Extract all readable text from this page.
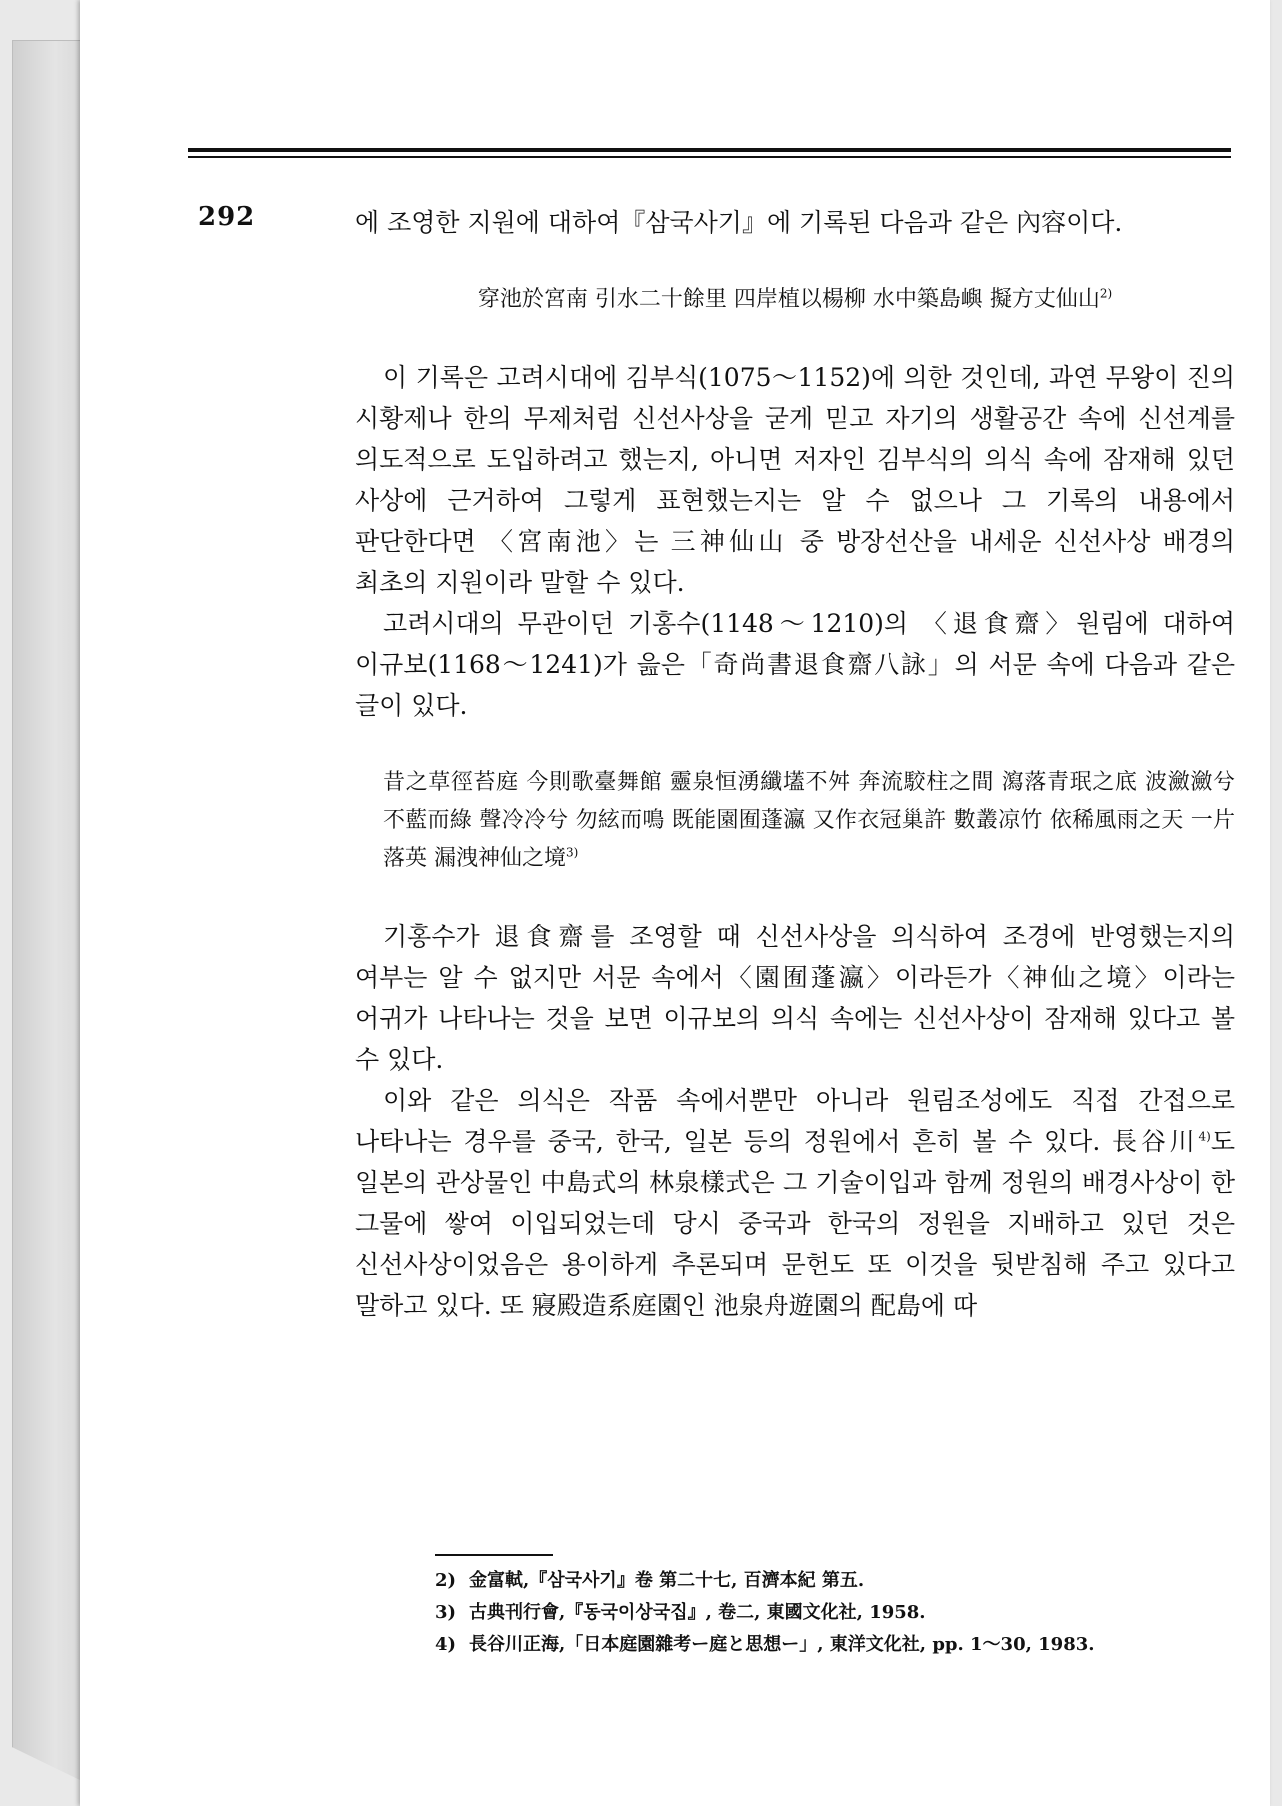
292	에 조영한 지원에 대하여『삼국사기』에 기록된 다음과 같은 內容이다.

穿池於宮南 引水二十餘里 四岸植以楊柳 水中築島嶼 擬方丈仙山$^{2)}$

이 기록은 고려시대에 김부식(1075～1152)에 의한 것인데, 과연 무왕이 진의 시황제나 한의 무제처럼 신선사상을 굳게 믿고 자기의 생활공간 속에 신선계를 의도적으로 도입하려고 했는지, 아니면 저자인 김부식의 의식 속에 잠재해 있던 사상에 근거하여 그렇게 표현했는지는 알 수 없으나 그 기록의 내용에서 판단한다면 〈宮南池〉는 三神仙山 중 방장선산을 내세운 신선사상 배경의 최초의 지원이라 말할 수 있다.

고려시대의 무관이던 기홍수(1148～1210)의 〈退食齋〉원림에 대하여 이규보(1168～1241)가 읊은「奇尚書退食齋八詠」의 서문 속에 다음과 같은 글이 있다.

昔之草徑苔庭 今則歌臺舞館 靈泉恒湧纖壒不舛 奔流駮柱之間 瀉落青珉之底 波瀲瀲兮 不藍而綠 聲冷冷兮 勿絃而鳴 既能園囿蓬瀛 又作衣冠巢許 數叢凉竹 依稀風雨之天 一片落英 漏洩神仙之境$^{3)}$

기홍수가 退食齋를 조영할 때 신선사상을 의식하여 조경에 반영했는지의 여부는 알 수 없지만 서문 속에서〈園囿蓬瀛〉이라든가〈神仙之境〉이라는 어귀가 나타나는 것을 보면 이규보의 의식 속에는 신선사상이 잠재해 있다고 볼 수 있다.

이와 같은 의식은 작품 속에서뿐만 아니라 원림조성에도 직접 간접으로 나타나는 경우를 중국, 한국, 일본 등의 정원에서 흔히 볼 수 있다. 長谷川$^{4)}$도 일본의 관상물인 中島式의 林泉樣式은 그 기술이입과 함께 정원의 배경사상이 한 그물에 쌓여 이입되었는데 당시 중국과 한국의 정원을 지배하고 있던 것은 신선사상이었음은 용이하게 추론되며 문헌도 또 이것을 뒷받침해 주고 있다고 말하고 있다. 또 寢殿造系庭園인 池泉舟遊園의 配島에 따

2) 金富軾,『삼국사기』卷 第二十七, 百濟本紀 第五.
3) 古典刊行會,『동국이상국집』, 卷二, 東國文化社, 1958.
4) 長谷川正海,「日本庭園雜考ー庭と思想ー」, 東洋文化社, pp. 1～30, 1983.
